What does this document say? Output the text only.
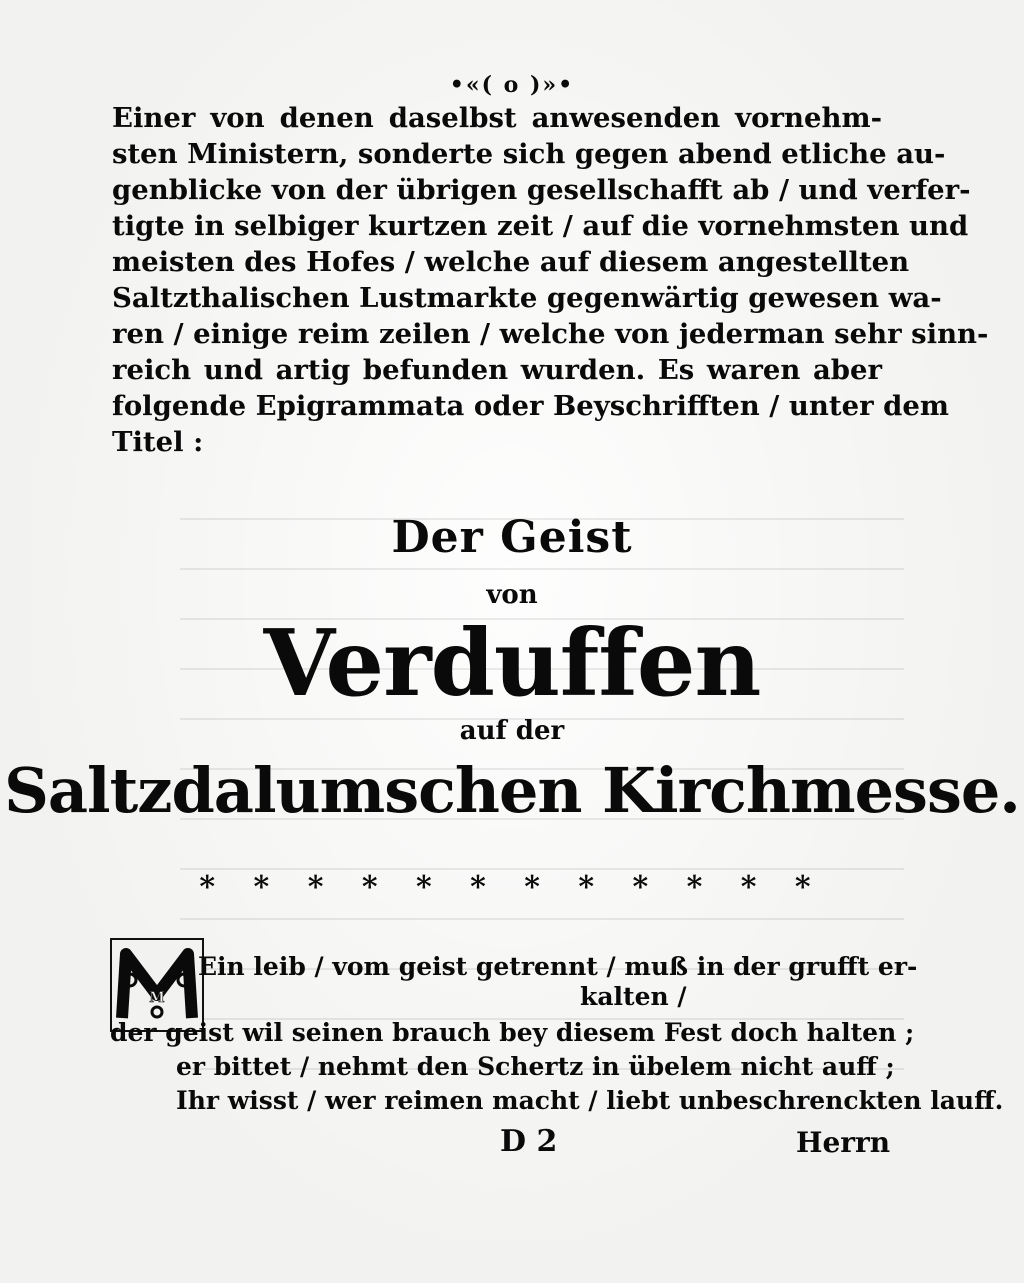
•«( o )»•
Einer von denen daselbst anwesenden vornehm-
sten Ministern, sonderte sich gegen abend etliche au-
genblicke von der übrigen gesellschafft ab / und verfer-
tigte in selbiger kurtzen zeit / auf die vornehmsten und
meisten des Hofes / welche auf diesem angestellten
Saltzthalischen Lustmarkte gegenwärtig gewesen wa-
ren / einige reim zeilen / welche von jederman sehr sinn-
reich und artig befunden wurden. Es waren aber
folgende Epigrammata oder Beyschrifften / unter dem
Titel :
Der Geist
von
Verduffen
auf der
Saltzdalumschen Kirchmesse.
* * * * * * * * * * * *
M
Ein leib / vom geist getrennt / muß in der grufft er-
kalten /
der geist wil seinen brauch bey diesem Fest doch halten ;
er bittet / nehmt den Schertz in übelem nicht auff ;
Ihr wisst / wer reimen macht / liebt unbeschrenckten lauff.
D 2	Herrn
